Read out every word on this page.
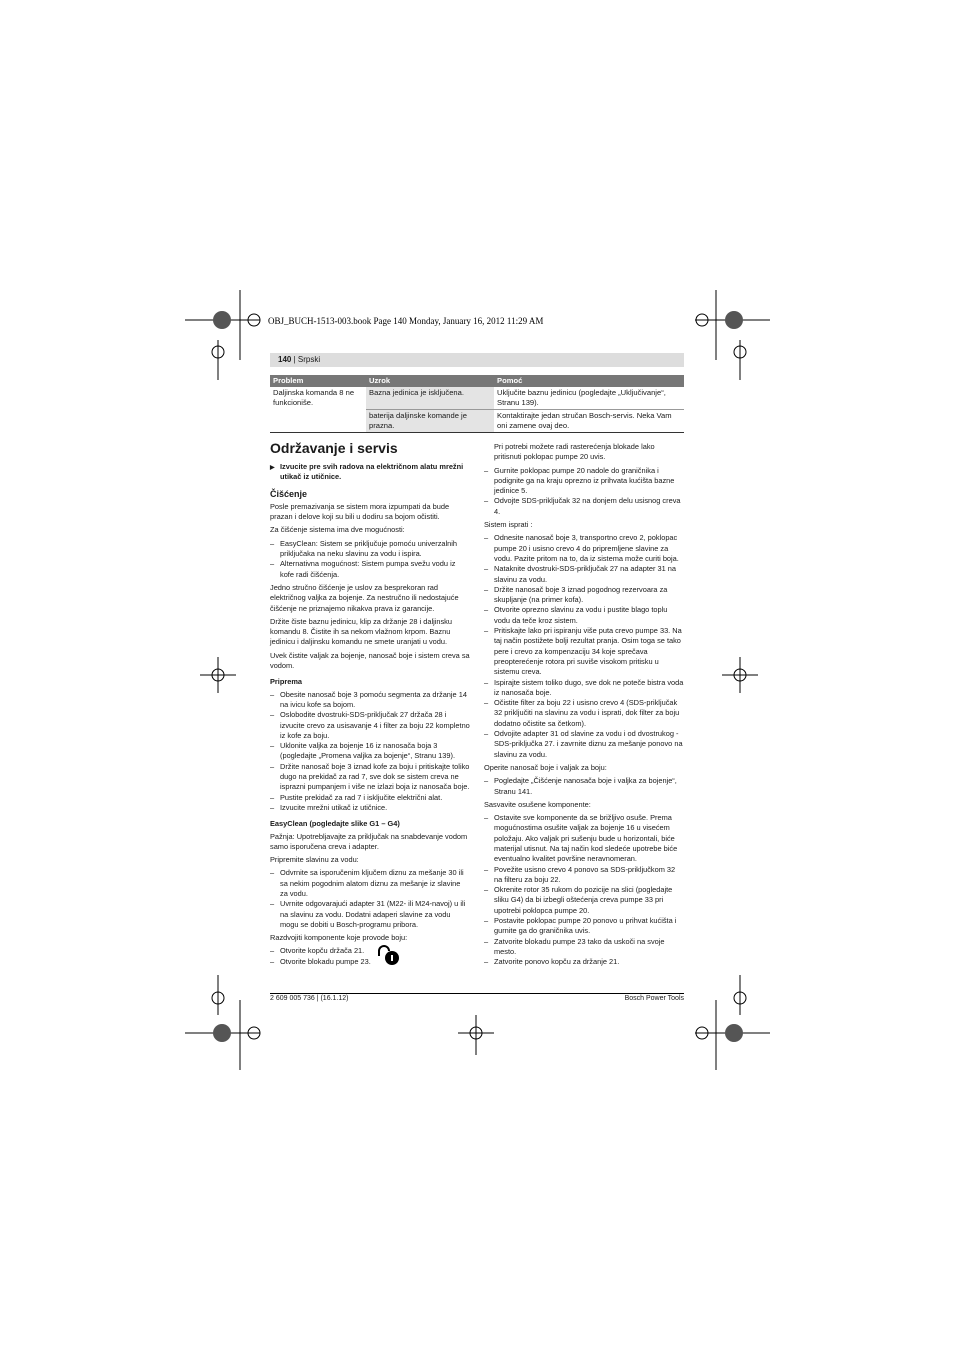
OBJ_BUCH-1513-003.book Page 140 Monday, January 16, 2012 11:29 AM
140 | Srpski
Problem	Uzrok	Pomoć
Daljinska komanda 8 ne funkcioniše.	Bazna jedinica je isključena.	Uključite baznu jedinicu (pogledajte „Uključivanje“, Stranu 139).
	baterija daljinske komande je prazna.	Kontaktirajte jedan stručan Bosch-servis. Neka Vam oni zamene ovaj deo.
Održavanje i servis
▶ Izvucite pre svih radova na električnom alatu mrežni utikač iz utičnice.
Čišćenje

Posle premazivanja se sistem mora izpumpati da bude prazan i delove koji su bili u dodiru sa bojom očistiti.

Za čišćenje sistema ima dve mogućnosti:

– EasyClean: Sistem se priključuje pomoću univerzalnih priključaka na neku slavinu za vodu i ispira.
– Alternativna mogućnost: Sistem pumpa svežu vodu iz kofe radi čišćenja.

Jedno stručno čišćenje je uslov za besprekoran rad električnog valjka za bojenje. Za nestručno ili nedostajuće čišćenje ne priznajemo nikakva prava iz garancije.

Držite čiste baznu jedinicu, klip za držanje 28 i daljinsku komandu 8. Čistite ih sa nekom vlažnom krpom. Baznu jedinicu i daljinsku komandu ne smete uranjati u vodu.

Uvek čistite valjak za bojenje, nanosač boje i sistem creva sa vodom.

Priprema
– Obesite nanosač boje 3 pomoću segmenta za držanje 14 na ivicu kofe sa bojom.
– Oslobodite dvostruki-SDS-priključak 27 držača 28 i izvucite crevo za usisavanje 4 i filter za boju 22 kompletno iz kofe za boju.
– Uklonite valjka za bojenje 16 iz nanosača boja 3 (pogledajte „Promena valjka za bojenje“, Stranu 139).
– Držite nanosač boje 3 iznad kofe za boju i pritiskajte toliko dugo na prekidač za rad 7, sve dok se sistem creva ne isprazni pumpanjem i više ne izlazi boja iz nanosača boje.
– Pustite prekidač za rad 7 i isključite električni alat.
– Izvucite mrežni utikač iz utičnice.
EasyClean (pogledajte slike G1 – G4)

Pažnja: Upotrebljavajte za priključak na snabdevanje vodom samo isporučena creva i adapter.

Pripremite slavinu za vodu:

– Odvrnite sa isporučenim ključem diznu za mešanje 30 ili sa nekim pogodnim alatom diznu za mešanje iz slavine za vodu.
– Uvrnite odgovarajući adapter 31 (M22- ili M24-navoj) u ili na slavinu za vodu. Dodatni adaperi slavine za vodu mogu se dobiti u Bosch-programu pribora.

Razdvojiti komponente koje provode boju:

– Otvorite kopču držača 21.
– Otvorite blokadu pumpe 23.

Pri potrebi možete radi rasterećenja blokade lako pritisnuti poklopac pumpe 20 uvis.

– Gurnite poklopac pumpe 20 nadole do graničnika i podignite ga na kraju oprezno iz prihvata kućišta bazne jedinice 5.
– Odvojte SDS-priključak 32 na donjem delu usisnog creva 4.

Sistem isprati :

– Odnesite nanosač boje 3, transportno crevo 2, poklopac pumpe 20 i usisno crevo 4 do pripremljene slavine za vodu. Pazite pritom na to, da iz sistema može curiti boja.
– Nataknite dvostruki-SDS-priključak 27 na adapter 31 na slavinu za vodu.
– Držite nanosač boje 3 iznad pogodnog rezervoara za skupljanje (na primer kofa).
– Otvorite oprezno slavinu za vodu i pustite blago toplu vodu da teče kroz sistem.
– Pritiskajte lako pri ispiranju više puta crevo pumpe 33. Na taj način postižete bolji rezultat pranja. Osim toga se tako pere i crevo za kompenzaciju 34 koje sprečava preopterećenje rotora pri suviše visokom pritisku u sistemu creva.
– Ispirajte sistem toliko dugo, sve dok ne poteče bistra voda iz nanosača boje.
– Očistite filter za boju 22 i usisno crevo 4 (SDS-priključak 32 priključiti na slavinu za vodu i isprati, dok filter za boju dodatno očistite sa četkom).
– Odvojite adapter 31 od slavine za vodu i od dvostrukog -SDS-priključka 27. i zavrnite diznu za mešanje ponovo na slavinu za vodu.

Operite nanosač boje i valjak za boju:

– Pogledajte „Čišćenje nanosača boje i valjka za bojenje“, Stranu 141.

Sasvavite osušene komponente:

– Ostavite sve komponente da se brižljivo osuše. Prema mogućnostima osušite valjak za bojenje 16 u visećem položaju. Ako valjak pri sušenju bude u horizontali, biće materijal utisnut. Na taj način kod sledeće upotrebe biće eventualno kvalitet površine neravnomeran.
– Povežite usisno crevo 4 ponovo sa SDS-priključkom 32 na filteru za boju 22.
– Okrenite rotor 35 rukom do pozicije na slici (pogledajte sliku G4) da bi izbegli oštećenja creva pumpe 33 pri upotrebi poklopca pumpe 20.
– Postavite poklopac pumpe 20 ponovo u prihvat kućišta i gurnite ga do graničnika uvis.
– Zatvorite blokadu pumpe 23 tako da uskoči na svoje mesto.
– Zatvorite ponovo kopču za držanje 21.
2 609 005 736 | (16.1.12)	Bosch Power Tools
